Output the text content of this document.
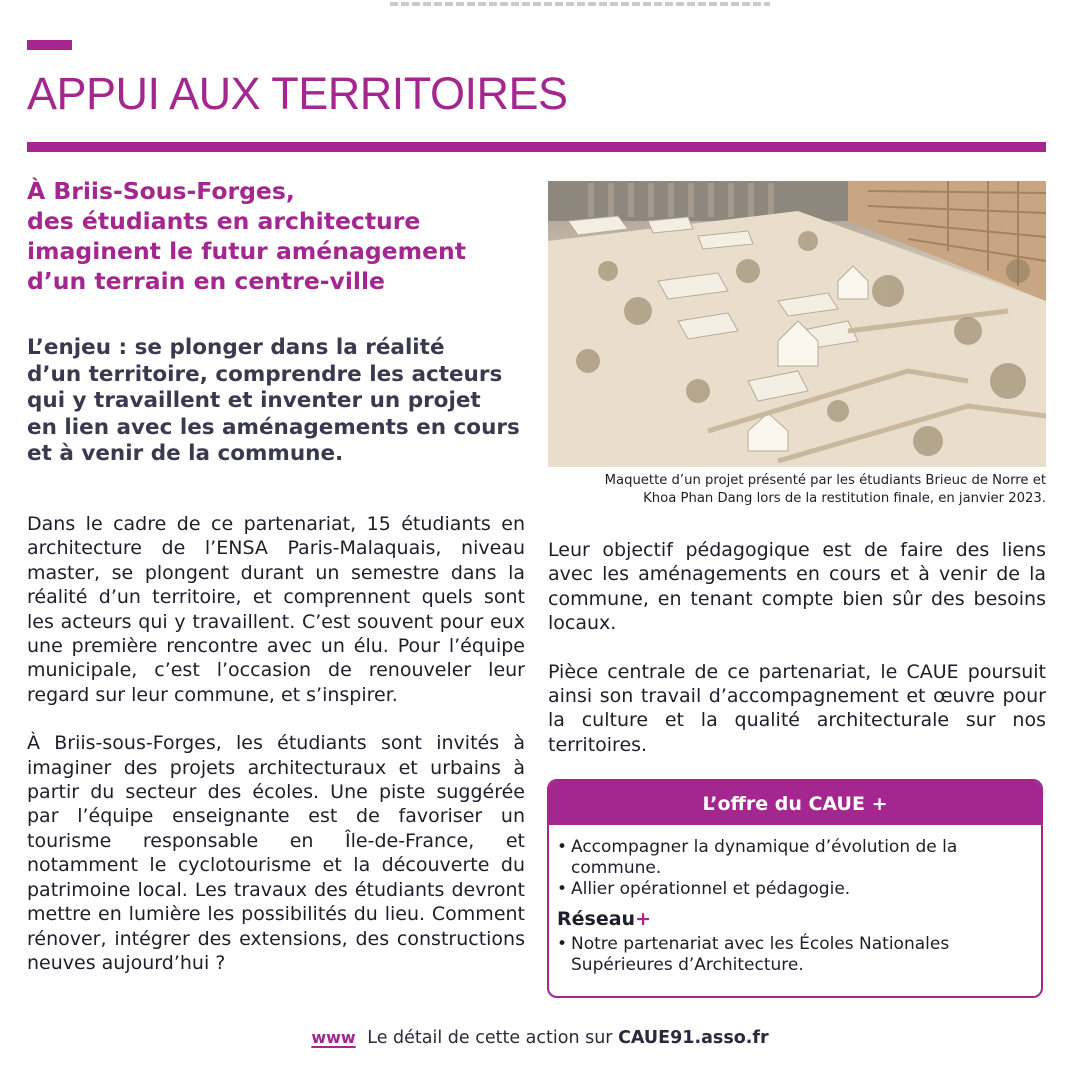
APPUI AUX TERRITOIRES
À Briis-Sous-Forges,
des étudiants en architecture
imaginent le futur aménagement
d’un terrain en centre-ville

L’enjeu : se plonger dans la réalité
d’un territoire, comprendre les acteurs
qui y travaillent et inventer un projet
en lien avec les aménagements en cours
et à venir de la commune.

Maquette d’un projet présenté par les étudiants Brieuc de Norre et
Khoa Phan Dang lors de la restitution finale, en janvier 2023.

Dans le cadre de ce partenariat, 15 étudiants en architecture de l’ENSA Paris-Malaquais, niveau master, se plongent durant un semestre dans la réalité d’un territoire, et comprennent quels sont les acteurs qui y travaillent. C’est souvent pour eux une première rencontre avec un élu. Pour l’équipe municipale, c’est l’occasion de renouveler leur regard sur leur commune, et s’inspirer.

À Briis-sous-Forges, les étudiants sont invités à imaginer des projets architecturaux et urbains à partir du secteur des écoles. Une piste suggérée par l’équipe enseignante est de favoriser un tourisme responsable en Île-de-France, et notamment le cyclotourisme et la découverte du patrimoine local. Les travaux des étudiants devront mettre en lumière les possibilités du lieu. Comment rénover, intégrer des extensions, des constructions neuves aujourd’hui ?

Leur objectif pédagogique est de faire des liens avec les aménagements en cours et à venir de la commune, en tenant compte bien sûr des besoins locaux.

Pièce centrale de ce partenariat, le CAUE poursuit ainsi son travail d’accompagnement et œuvre pour la culture et la qualité architecturale sur nos territoires.

L’offre du CAUE +
• Accompagner la dynamique d’évolution de la commune.
• Allier opérationnel et pédagogie.
Réseau+
• Notre partenariat avec les Écoles Nationales Supérieures d’Architecture.
www Le détail de cette action sur CAUE91.asso.fr
